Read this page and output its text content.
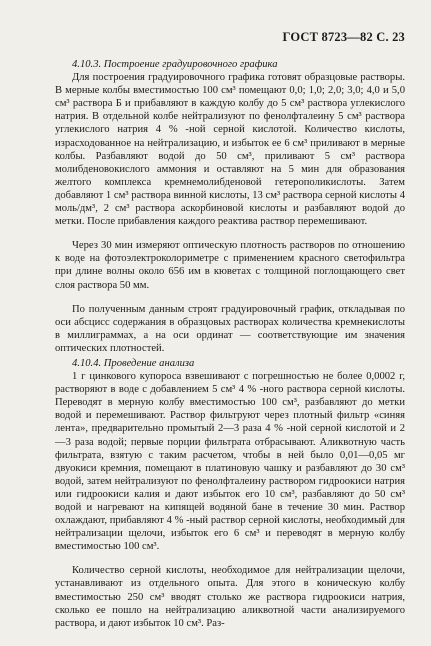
ГОСТ 8723—82 С. 23

4.10.3. Построение градуировочного графика

Для построения градуировочного графика готовят образцовые растворы. В мерные колбы вместимостью 100 см³ помещают 0,0; 1,0; 2,0; 3,0; 4,0 и 5,0 см³ раствора Б и прибавляют в каждую колбу до 5 см³ раствора углекислого натрия. В отдельной колбе нейтрализуют по фенолфталеину 5 см³ раствора углекислого натрия 4 % -ной серной кислотой. Количество кислоты, израсходованное на нейтрализацию, и избыток ее 6 см³ приливают в мерные колбы. Разбавляют водой до 50 см³, приливают 5 см³ раствора молибденовокислого аммония и оставляют на 5 мин для образования желтого комплекса кремнемолибденовой гетерополикислоты. Затем добавляют 1 см³ раствора винной кислоты, 13 см³ раствора серной кислоты 4 моль/дм³, 2 см³ раствора аскорбиновой кислоты и разбавляют водой до метки. После прибавления каждого реактива раствор перемешивают.

Через 30 мин измеряют оптическую плотность растворов по отношению к воде на фотоэлектроколориметре с применением красного светофильтра при длине волны около 656 им в кюветах с толщиной поглощающего свет слоя раствора 50 мм.

По полученным данным строят градуировочный график, откладывая по оси абсцисс содержания в образцовых растворах количества кремнекислоты в миллиграммах, а на оси ординат — соответствующие им значения оптических плотностей.

4.10.4. Проведение анализа

1 г цинкового купороса взвешивают с погрешностью не более 0,0002 г, растворяют в воде с добавлением 5 см³ 4 % -ного раствора серной кислоты. Переводят в мерную колбу вместимостью 100 см³, разбавляют до метки водой и перемешивают. Раствор фильтруют через плотный фильтр «синяя лента», предварительно промытый 2—3 раза 4 % -ной серной кислотой и 2—3 раза водой; первые порции фильтрата отбрасывают. Аликвотную часть фильтрата, взятую с таким расчетом, чтобы в ней было 0,01—0,05 мг двуокиси кремния, помещают в платиновую чашку и разбавляют до 30 см³ водой, затем нейтрализуют по фенолфталеину раствором гидроокиси натрия или гидроокиси калия и дают избыток его 10 см³, разбавляют до 50 см³ водой и нагревают на кипящей водяной бане в течение 30 мин. Раствор охлаждают, прибавляют 4 % -ный раствор серной кислоты, необходимый для нейтрализации щелочи, избыток его 6 см³ и переводят в мерную колбу вместимостью 100 см³.

Количество серной кислоты, необходимое для нейтрализации щелочи, устанавливают из отдельного опыта. Для этого в коническую колбу вместимостью 250 см³ вводят столько же раствора гидроокиси натрия, сколько ее пошло на нейтрализацию аликвотной части анализируемого раствора, и дают избыток 10 см³. Раз-
